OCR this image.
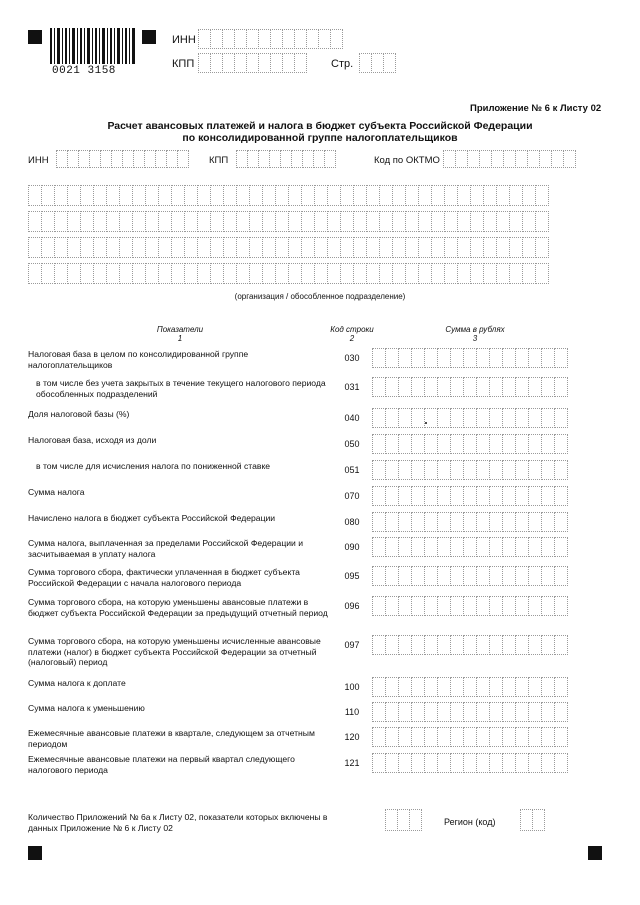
0021 3158
ИНН
КПП	Стр.
Приложение № 6 к Листу 02
Расчет авансовых платежей и налога в бюджет субъекта Российской Федерации
по консолидированной группе налогоплательщиков
ИНН	КПП	Код по ОКТМО
(организация / обособленное подразделение)
Показатели
1
Код строки
2
Сумма в рублях
3
Налоговая база в целом по консолидированной группе налогоплательщиков
030
в том числе без учета закрытых в течение текущего налогового периода обособленных подразделений
031
Доля налоговой базы (%)	040
Налоговая база, исходя из доли	050
в том числе для исчисления налога по пониженной ставке	051
Сумма налога	070
Начислено налога в бюджет субъекта Российской Федерации	080
Сумма налога, выплаченная за пределами Российской Федерации и засчитываемая в уплату налога
090
Сумма торгового сбора, фактически уплаченная в бюджет субъекта Российской Федерации с начала налогового периода
095
Сумма торгового сбора, на которую уменьшены авансовые платежи в бюджет субъекта Российской Федерации за предыдущий отчетный период
096
Сумма торгового сбора, на которую уменьшены исчисленные авансовые платежи (налог) в бюджет субъекта Российской Федерации за отчетный (налоговый) период
097
Сумма налога к доплате	100
Сумма налога к уменьшению	110
Ежемесячные авансовые платежи в квартале, следующем за отчетным периодом
120
Ежемесячные авансовые платежи на первый квартал следующего налогового периода
121
Количество Приложений № 6а к Листу 02, показатели которых включены в данных Приложение № 6 к Листу 02
Регион (код)
